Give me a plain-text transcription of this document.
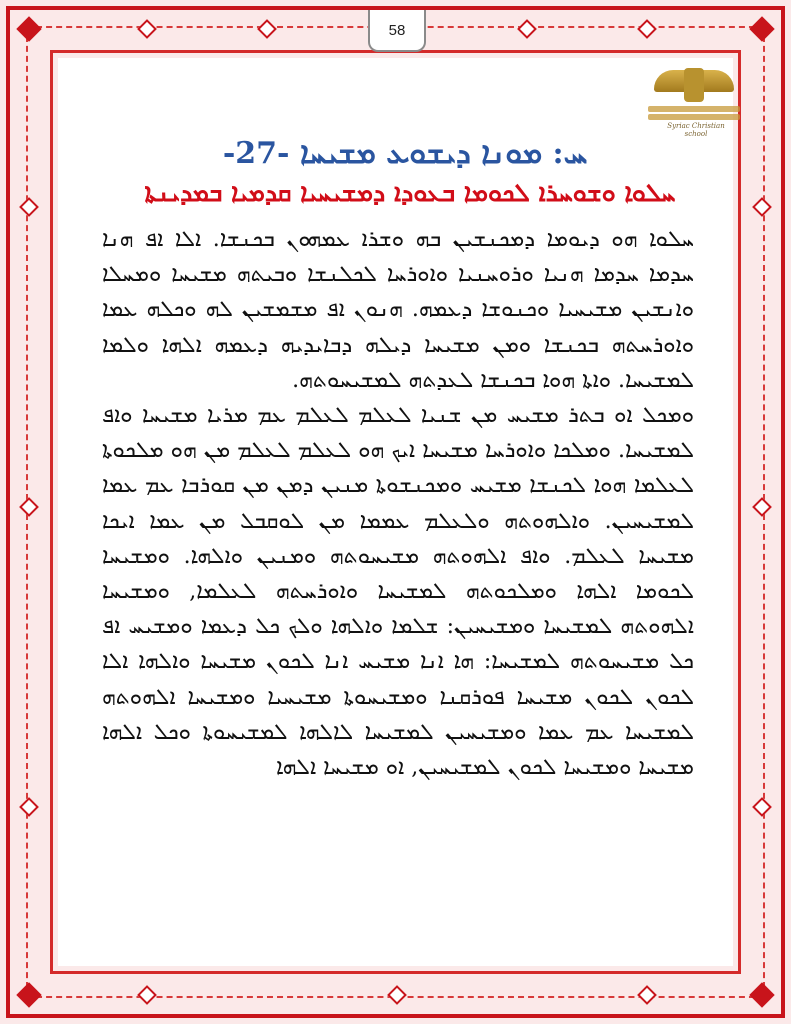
58
Syriac Christian school
ܚ: ܡܘܢܐ ܕܝܫܘܥ ܡܫܝܚܐ -27-
ܚܠܘܐ ܘܫܘܚܪܐ ܠܟܘܡܐ ܒܥܘܕܐ ܕܡܫܝܚܝܐ ܩܕܡܝܐ ܒܡܕܝܢܬܐ

ܚܠܘܐ ܗܘ ܕܝܘܡܐ ܕܡܟܢܫܝܢ ܒܗ ܘܫܪܐ ܥܡܗܘܢ ܒܟܢܫܐ. ܐܠܐ ܐܦ ܗܢܐ ܚܕܡܐ ܚܕܡܐ ܗܢܝܐ ܘܪܘܚܢܝܐ ܘܐܘܪܚܐ ܠܟܠܢܫܐ ܘܒܝܬܗ ܡܫܝܚܐ ܘܡܚܠܐ ܘܐܢܫܝܢ ܡܫܝܚܝܐ ܘܟܢܘܫܐ ܕܥܡܗ. ܗܢܘܢ ܐܦ ܡܫܡܫܝܢ ܠܗ ܘܟܠܗ ܥܡܐ ܘܐܘܪܚܬܗ ܒܟܢܫܐ ܘܡܢ ܡܫܝܚܐ ܕܝܠܗ ܕܒܐܝܕܝܗ ܕܥܡܗ ܐܠܗܐ ܘܠܡܐ ܠܡܫܝܚܐ. ܘܐܬܐ ܗܘܐ ܒܟܢܫܐ ܠܥܕܬܗ ܠܡܫܝܚܘܬܗ.

ܘܡܟܠ ܐܘ ܒܬܪ ܡܫܝܚ ܡܢ ܫܢܝܐ ܠܥܠܡ ܠܥܠܡ ܥܡ ܡܪܝܐ ܡܫܝܚܐ ܘܐܦ ܠܡܫܝܚܐ. ܘܡܠܟܐ ܘܐܘܪܚܐ ܡܫܝܚܐ ܐܝܟ ܗܘ ܠܥܠܡ ܠܥܠܡ ܡܢ ܗܘ ܡܠܟܘܬܐ ܠܥܠܡܐ ܗܘܐ ܠܟܢܫܐ ܡܫܝܚ ܘܡܟܢܫܘܬܐ ܡܢܝܢ ܕܡܢ ܡܢ ܩܘܪܒܐ ܥܡ ܥܡܐ ܠܡܫܝܚܝܢ. ܘܐܠܗܘܬܗ ܘܠܥܠܡ ܥܡܡܐ ܡܢ ܠܘܩܒܠ ܡܢ ܥܡܐ ܐܝܟܐ ܡܫܝܚܐ ܠܥܠܡ. ܘܐܦ ܐܠܗܘܬܗ ܡܫܝܚܘܬܗ ܘܡܢܝܢ ܘܐܠܗܐ. ܘܡܫܝܚܐ ܠܟܘܡܐ ܐܠܗܐ ܘܡܠܟܘܬܗ ܠܡܫܝܚܐ ܘܐܘܪܚܬܗ ܠܥܠܡܐ, ܘܡܫܝܚܐ ܐܠܗܘܬܗ ܠܡܫܝܚܐ ܘܡܫܝܚܝܢ: ܫܠܡܐ ܘܐܠܗܐ ܘܠܟ ܟܠ ܕܥܡܐ ܘܡܫܝܚ ܐܦ ܟܠ ܡܫܝܚܘܬܗ ܠܡܫܝܚܐ: ܗܐ ܐܢܐ ܡܫܝܚ ܐܢܐ ܠܟܘܢ ܡܫܝܚܐ ܘܐܠܗܐ ܐܠܐ ܠܟܘܢ ܠܟܘܢ ܡܫܝܚܐ ܦܘܪܩܢܐ ܘܡܫܝܚܘܬܐ ܡܫܝܚܝܐ ܘܡܫܝܚܐ ܐܠܗܘܬܗ ܠܡܫܝܚܐ ܥܡ ܥܡܐ ܘܡܫܝܚܝܢ ܠܡܫܝܚܐ ܠܐܠܗܐ ܠܡܫܝܚܘܬܐ ܘܟܠ ܐܠܗܐ ܡܫܝܚܐ ܘܡܫܝܚܐ ܠܟܘܢ ܠܡܫܝܚܝܢ, ܐܘ ܡܫܝܚܐ ܐܠܗܐ
